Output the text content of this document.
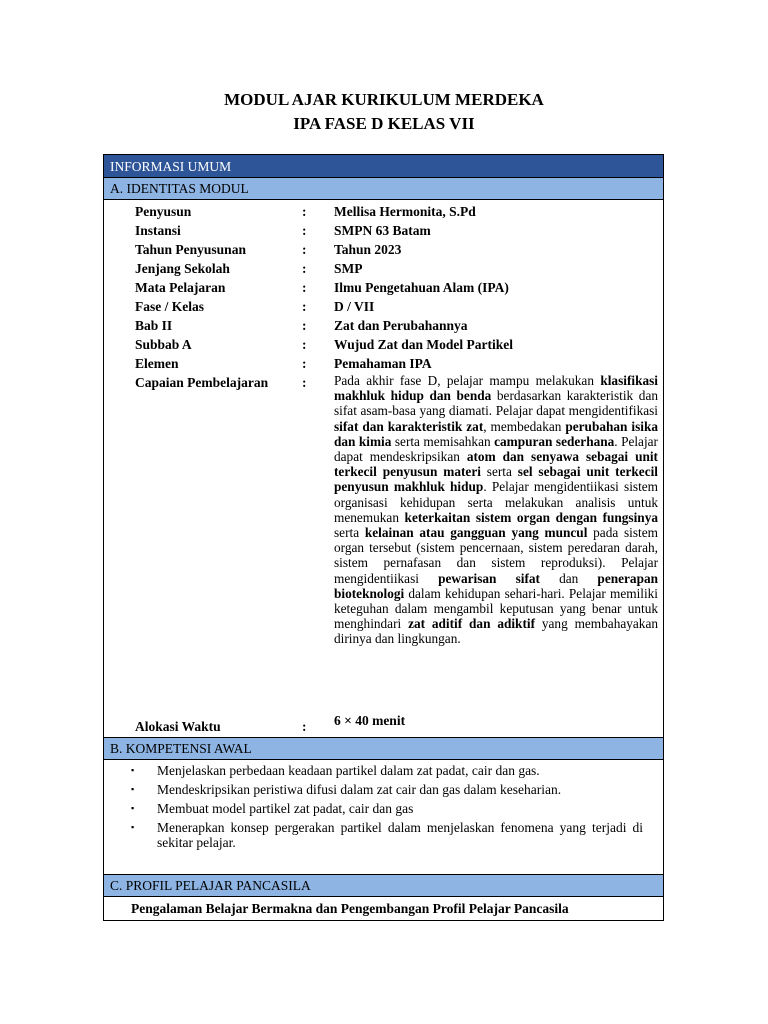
MODUL AJAR KURIKULUM MERDEKA
IPA FASE D KELAS VII
INFORMASI UMUM
A. IDENTITAS MODUL
Penyusun	: Mellisa Hermonita, S.Pd
Instansi	: SMPN 63 Batam
Tahun Penyusunan	: Tahun 2023
Jenjang Sekolah	: SMP
Mata Pelajaran	: Ilmu Pengetahuan Alam (IPA)
Fase / Kelas	: D / VII
Bab II	: Zat dan Perubahannya
Subbab A	: Wujud Zat dan Model Partikel
Elemen	: Pemahaman IPA
Capaian Pembelajaran	: Pada akhir fase D, pelajar mampu melakukan klasifikasi makhluk hidup dan benda berdasarkan karakteristik dan sifat asam-basa yang diamati. Pelajar dapat mengidentifikasi sifat dan karakteristik zat, membedakan perubahan isika dan kimia serta memisahkan campuran sederhana. Pelajar dapat mendeskripsikan atom dan senyawa sebagai unit terkecil penyusun materi serta sel sebagai unit terkecil penyusun makhluk hidup. Pelajar mengidentiikasi sistem organisasi kehidupan serta melakukan analisis untuk menemukan keterkaitan sistem organ dengan fungsinya serta kelainan atau gangguan yang muncul pada sistem organ tersebut (sistem pencernaan, sistem peredaran darah, sistem pernafasan dan sistem reproduksi). Pelajar mengidentiikasi pewarisan sifat dan penerapan bioteknologi dalam kehidupan sehari-hari. Pelajar memiliki keteguhan dalam mengambil keputusan yang benar untuk menghindari zat aditif dan adiktif yang membahayakan dirinya dan lingkungan.
Alokasi Waktu	: 6 × 40 menit
B. KOMPETENSI AWAL
▪ Menjelaskan perbedaan keadaan partikel dalam zat padat, cair dan gas.
▪ Mendeskripsikan peristiwa difusi dalam zat cair dan gas dalam keseharian.
▪ Membuat model partikel zat padat, cair dan gas
▪ Menerapkan konsep pergerakan partikel dalam menjelaskan fenomena yang terjadi di sekitar pelajar.
C. PROFIL PELAJAR PANCASILA
Pengalaman Belajar Bermakna dan Pengembangan Profil Pelajar Pancasila
